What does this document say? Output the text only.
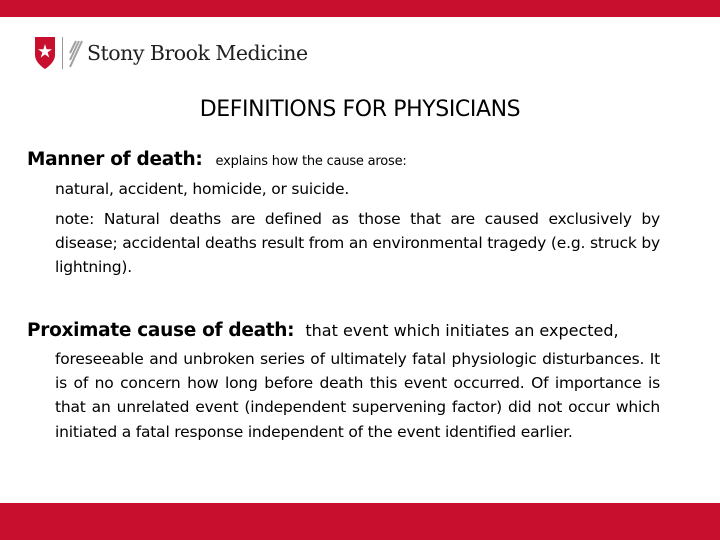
Stony Brook Medicine
DEFINITIONS FOR PHYSICIANS
Manner of death: explains how the cause arose:
natural, accident, homicide, or suicide.
note: Natural deaths are defined as those that are caused exclusively by disease; accidental deaths result from an environmental tragedy (e.g. struck by lightning).
Proximate cause of death: that event which initiates an expected,
foreseeable and unbroken series of ultimately fatal physiologic disturbances. It is of no concern how long before death this event occurred. Of importance is that an unrelated event (independent supervening factor) did not occur which initiated a fatal response independent of the event identified earlier.
